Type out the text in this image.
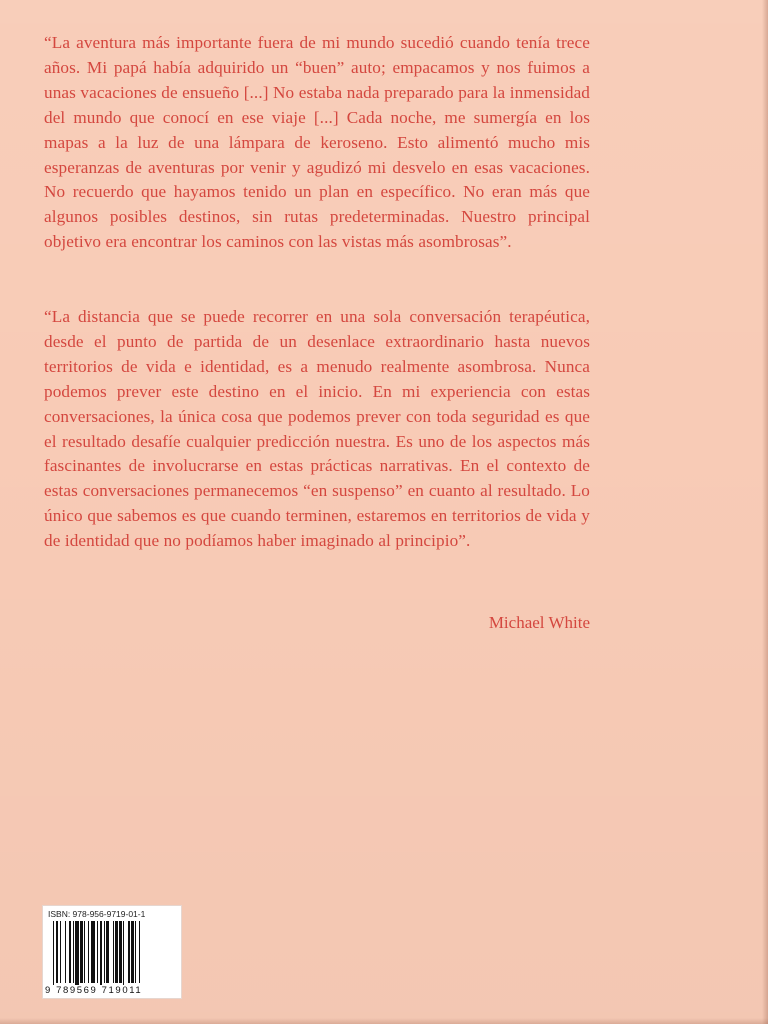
“La aventura más importante fuera de mi mundo sucedió cuando tenía trece años. Mi papá había adquirido un “buen” auto; empacamos y nos fuimos a unas vacaciones de ensueño [...] No estaba nada preparado para la inmensidad del mundo que conocí en ese viaje [...] Cada noche, me sumergía en los mapas a la luz de una lámpara de keroseno. Esto alimentó mucho mis esperanzas de aventuras por venir y agudizó mi desvelo en esas vacaciones. No recuerdo que hayamos tenido un plan en específico. No eran más que algunos posibles destinos, sin rutas predeterminadas. Nuestro principal objetivo era encontrar los caminos con las vistas más asombrosas”.

“La distancia que se puede recorrer en una sola conversación terapéutica, desde el punto de partida de un desenlace extraordinario hasta nuevos territorios de vida e identidad, es a menudo realmente asombrosa. Nunca podemos prever este destino en el inicio. En mi experiencia con estas conversaciones, la única cosa que podemos prever con toda seguridad es que el resultado desafíe cualquier predicción nuestra. Es uno de los aspectos más fascinantes de involucrarse en estas prácticas narrativas. En el contexto de estas conversaciones permanecemos “en suspenso” en cuanto al resultado. Lo único que sabemos es que cuando terminen, estaremos en territorios de vida y de identidad que no podíamos haber imaginado al principio”.

Michael White

ISBN: 978-956-9719-01-1
9 789569 719011
